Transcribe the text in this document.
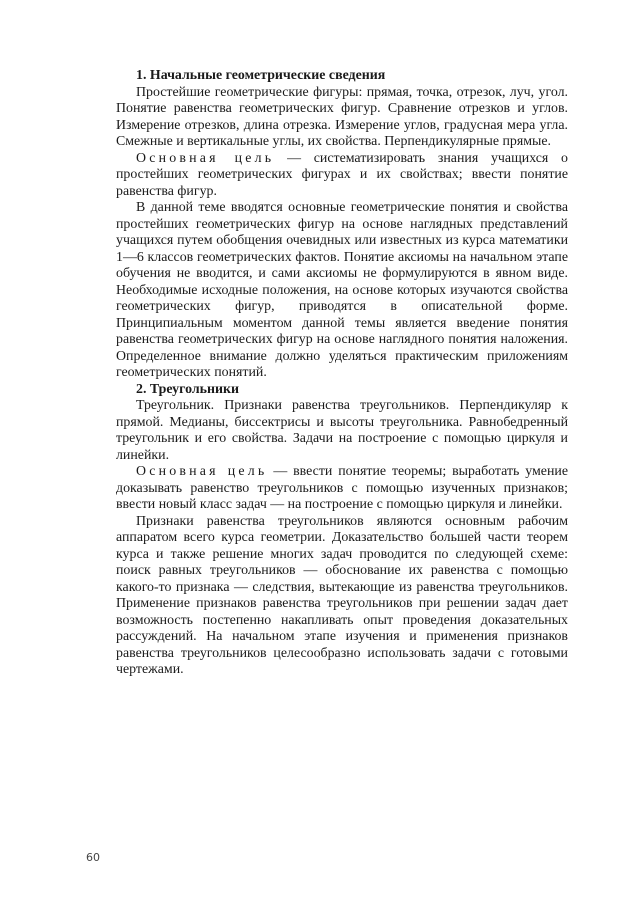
1. Начальные геометрические сведения

Простейшие геометрические фигуры: прямая, точка, отрезок, луч, угол. Понятие равенства геометрических фигур. Сравнение отрезков и углов. Измерение отрезков, длина отрезка. Измерение углов, градусная мера угла. Смежные и вертикальные углы, их свойства. Перпендикулярные прямые.

Основная цель — систематизировать знания учащихся о простейших геометрических фигурах и их свойствах; ввести понятие равенства фигур.

В данной теме вводятся основные геометрические понятия и свойства простейших геометрических фигур на основе наглядных представлений учащихся путем обобщения очевидных или известных из курса математики 1—6 классов геометрических фактов. Понятие аксиомы на начальном этапе обучения не вводится, и сами аксиомы не формулируются в явном виде. Необходимые исходные положения, на основе которых изучаются свойства геометрических фигур, приводятся в описательной форме. Принципиальным моментом данной темы является введение понятия равенства геометрических фигур на основе наглядного понятия наложения. Определенное внимание должно уделяться практическим приложениям геометрических понятий.

2. Треугольники

Треугольник. Признаки равенства треугольников. Перпендикуляр к прямой. Медианы, биссектрисы и высоты треугольника. Равнобедренный треугольник и его свойства. Задачи на построение с помощью циркуля и линейки.

Основная цель — ввести понятие теоремы; выработать умение доказывать равенство треугольников с помощью изученных признаков; ввести новый класс задач — на построение с помощью циркуля и линейки.

Признаки равенства треугольников являются основным рабочим аппаратом всего курса геометрии. Доказательство большей части теорем курса и также решение многих задач проводится по следующей схеме: поиск равных треугольников — обоснование их равенства с помощью какого-то признака — следствия, вытекающие из равенства треугольников. Применение признаков равенства треугольников при решении задач дает возможность постепенно накапливать опыт проведения доказательных рассуждений. На начальном этапе изучения и применения признаков равенства треугольников целесообразно использовать задачи с готовыми чертежами.

60
